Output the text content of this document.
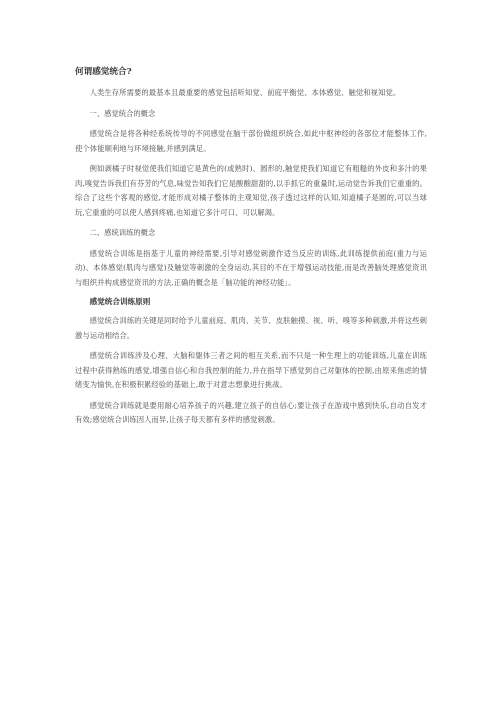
何谓感觉统合?

人类生存所需要的最基本且最重要的感觉包括听知觉、前庭平衡觉、本体感觉、触觉和视知觉。

一、感觉统合的概念

感觉统合是将各种经系统传导的不同感觉在脑干部份做组织统合,如此中枢神经的各部位才能整体工作,使个体能顺利地与环境接触,并感到满足。

例如剥橘子时视觉使我们知道它是黄色的(或熟时)、圆形的,触觉使我们知道它有粗糙的外皮和多汁的果肉,嗅觉告诉我们有芬芳的气息,味觉告知我们它是酸酸甜甜的,以手抓它的重量时,运动觉告诉我们它重重的。综合了这些个客观的感觉,才能形成对橘子整体的主观知觉,孩子透过这样的认知,知道橘子是圆的,可以当球玩,它重重的可以使人感到疼痛,也知道它多汁可口、可以解渴。

二、感统训练的概念

感觉统合训练是指基于儿童的神经需要,引导对感觉刺激作适当反应的训练,此训练提供前庭(重力与运动)、本体感觉(肌肉与感觉)及触觉等刺激的全身运动,其目的不在于增强运动技能,而是改善脑处理感觉资讯与组织并构成感觉资讯的方法,正确的概念是「脑功能的神经功能」。

感觉统合训练原则

感觉统合训练的关键是同时给予儿童前庭、肌肉、关节、皮肤触摸、视、听、嗅等多种刺激,并将这些刺激与运动相结合。

感觉统合训练涉及心理、大脑和躯体三者之间的相互关系,而不只是一种生理上的功能训练,儿童在训练过程中获得熟练的感觉,增强自信心和自我控制的能力,并在指导下感觉到自己对躯体的控制,由原来焦虑的情绪变为愉快,在积极积累经验的基础上,敢于对意志想象进行挑战。

感觉统合训练就是要用耐心培养孩子的兴趣,建立孩子的自信心;要让孩子在游戏中感到快乐,自动自发才有效;感觉统合训练因人而异,让孩子每天都有多样的感觉刺激。
